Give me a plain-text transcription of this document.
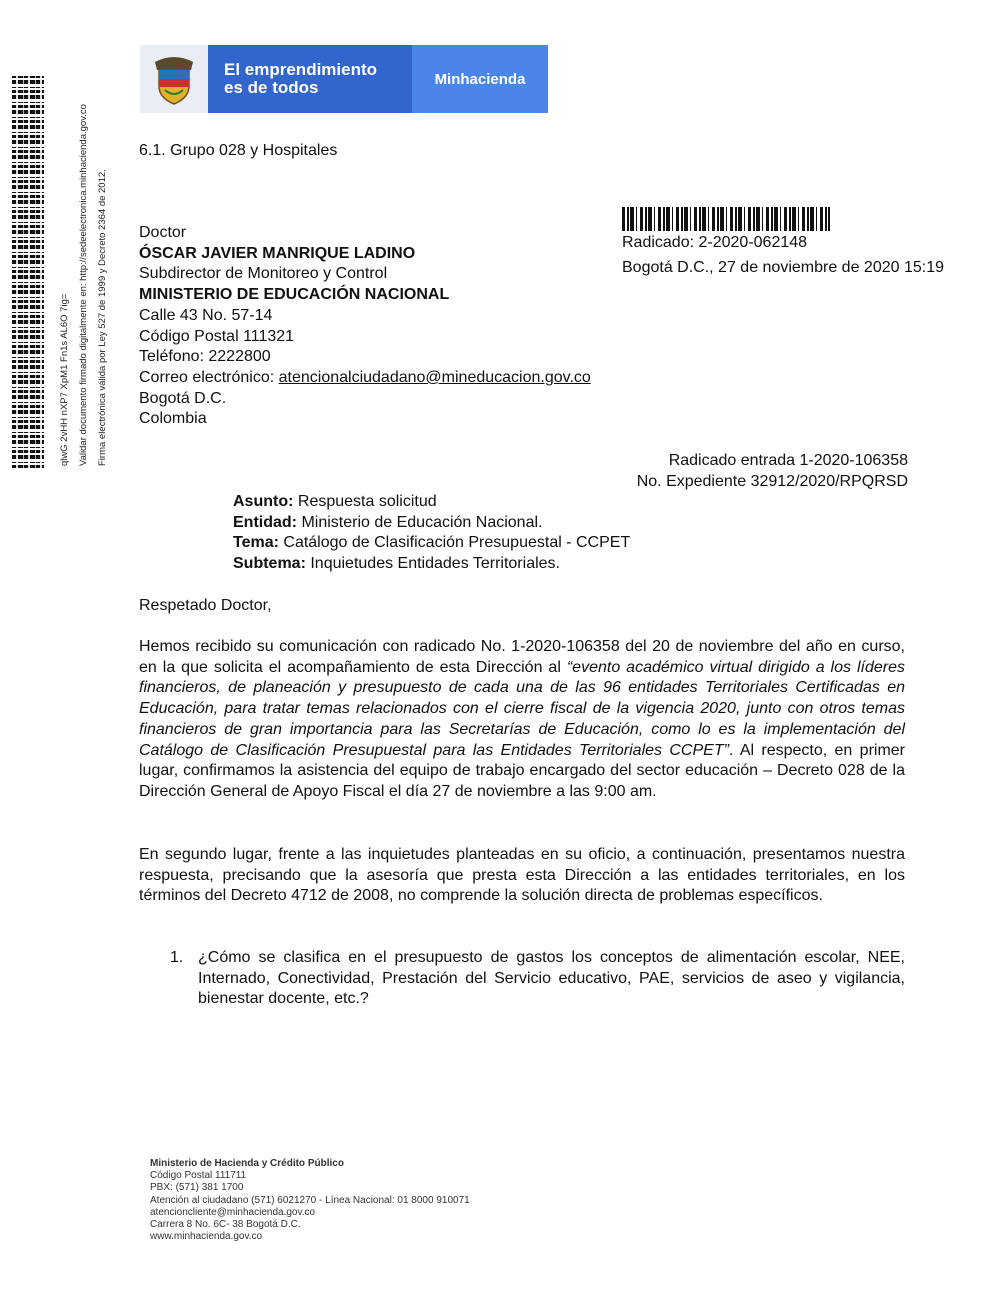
qlwG 2vHH nXP7 XpM1 Fn1s AL6O 7ig= Validar documento firmado digitalmente en: http://sedeelectronica.minhacienda.gov.co Firma electrónica válida por Ley 527 de 1999 y Decreto 2364 de 2012.
El emprendimiento
es de todos	Minhacienda
6.1. Grupo 028 y Hospitales
Radicado: 2-2020-062148
Bogotá D.C., 27 de noviembre de 2020 15:19
Doctor
ÓSCAR JAVIER MANRIQUE LADINO
Subdirector de Monitoreo y Control
MINISTERIO DE EDUCACIÓN NACIONAL
Calle 43 No. 57-14
Código Postal 111321
Teléfono: 2222800
Correo electrónico: atencionalciudadano@mineducacion.gov.co
Bogotá D.C.
Colombia
Radicado entrada 1-2020-106358
No. Expediente 32912/2020/RPQRSD
Asunto: Respuesta solicitud
Entidad: Ministerio de Educación Nacional.
Tema: Catálogo de Clasificación Presupuestal - CCPET
Subtema: Inquietudes Entidades Territoriales.
Respetado Doctor,
Hemos recibido su comunicación con radicado No. 1-2020-106358 del 20 de noviembre del año en curso, en la que solicita el acompañamiento de esta Dirección al “evento académico virtual dirigido a los líderes financieros, de planeación y presupuesto de cada una de las 96 entidades Territoriales Certificadas en Educación, para tratar temas relacionados con el cierre fiscal de la vigencia 2020, junto con otros temas financieros de gran importancia para las Secretarías de Educación, como lo es la implementación del Catálogo de Clasificación Presupuestal para las Entidades Territoriales CCPET”. Al respecto, en primer lugar, confirmamos la asistencia del equipo de trabajo encargado del sector educación – Decreto 028 de la Dirección General de Apoyo Fiscal el día 27 de noviembre a las 9:00 am.
En segundo lugar, frente a las inquietudes planteadas en su oficio, a continuación, presentamos nuestra respuesta, precisando que la asesoría que presta esta Dirección a las entidades territoriales, en los términos del Decreto 4712 de 2008, no comprende la solución directa de problemas específicos.
1. ¿Cómo se clasifica en el presupuesto de gastos los conceptos de alimentación escolar, NEE, Internado, Conectividad, Prestación del Servicio educativo, PAE, servicios de aseo y vigilancia, bienestar docente, etc.?
Ministerio de Hacienda y Crédito Público
Código Postal 111711
PBX: (571) 381 1700
Atención al ciudadano (571) 6021270 - Línea Nacional: 01 8000 910071
atencioncliente@minhacienda.gov.co
Carrera 8 No. 6C- 38 Bogotá D.C.
www.minhacienda.gov.co
